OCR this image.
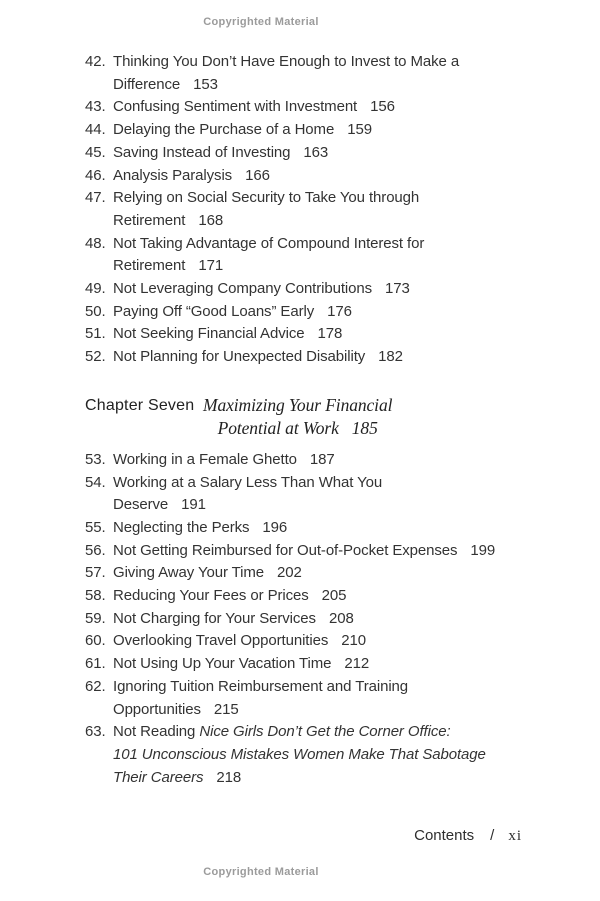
Copyrighted Material
42. Thinking You Don’t Have Enough to Invest to Make a
Difference 153
43. Confusing Sentiment with Investment 156
44. Delaying the Purchase of a Home 159
45. Saving Instead of Investing 163
46. Analysis Paralysis 166
47. Relying on Social Security to Take You through
Retirement 168
48. Not Taking Advantage of Compound Interest for
Retirement 171
49. Not Leveraging Company Contributions 173
50. Paying Off “Good Loans” Early 176
51. Not Seeking Financial Advice 178
52. Not Planning for Unexpected Disability 182
Chapter Seven Maximizing Your Financial
Potential at Work 185
53. Working in a Female Ghetto 187
54. Working at a Salary Less Than What You
Deserve 191
55. Neglecting the Perks 196
56. Not Getting Reimbursed for Out-of-Pocket Expenses 199
57. Giving Away Your Time 202
58. Reducing Your Fees or Prices 205
59. Not Charging for Your Services 208
60. Overlooking Travel Opportunities 210
61. Not Using Up Your Vacation Time 212
62. Ignoring Tuition Reimbursement and Training
Opportunities 215
63. Not Reading Nice Girls Don’t Get the Corner Office:
101 Unconscious Mistakes Women Make That Sabotage
Their Careers 218
Contents / xi
Copyrighted Material
